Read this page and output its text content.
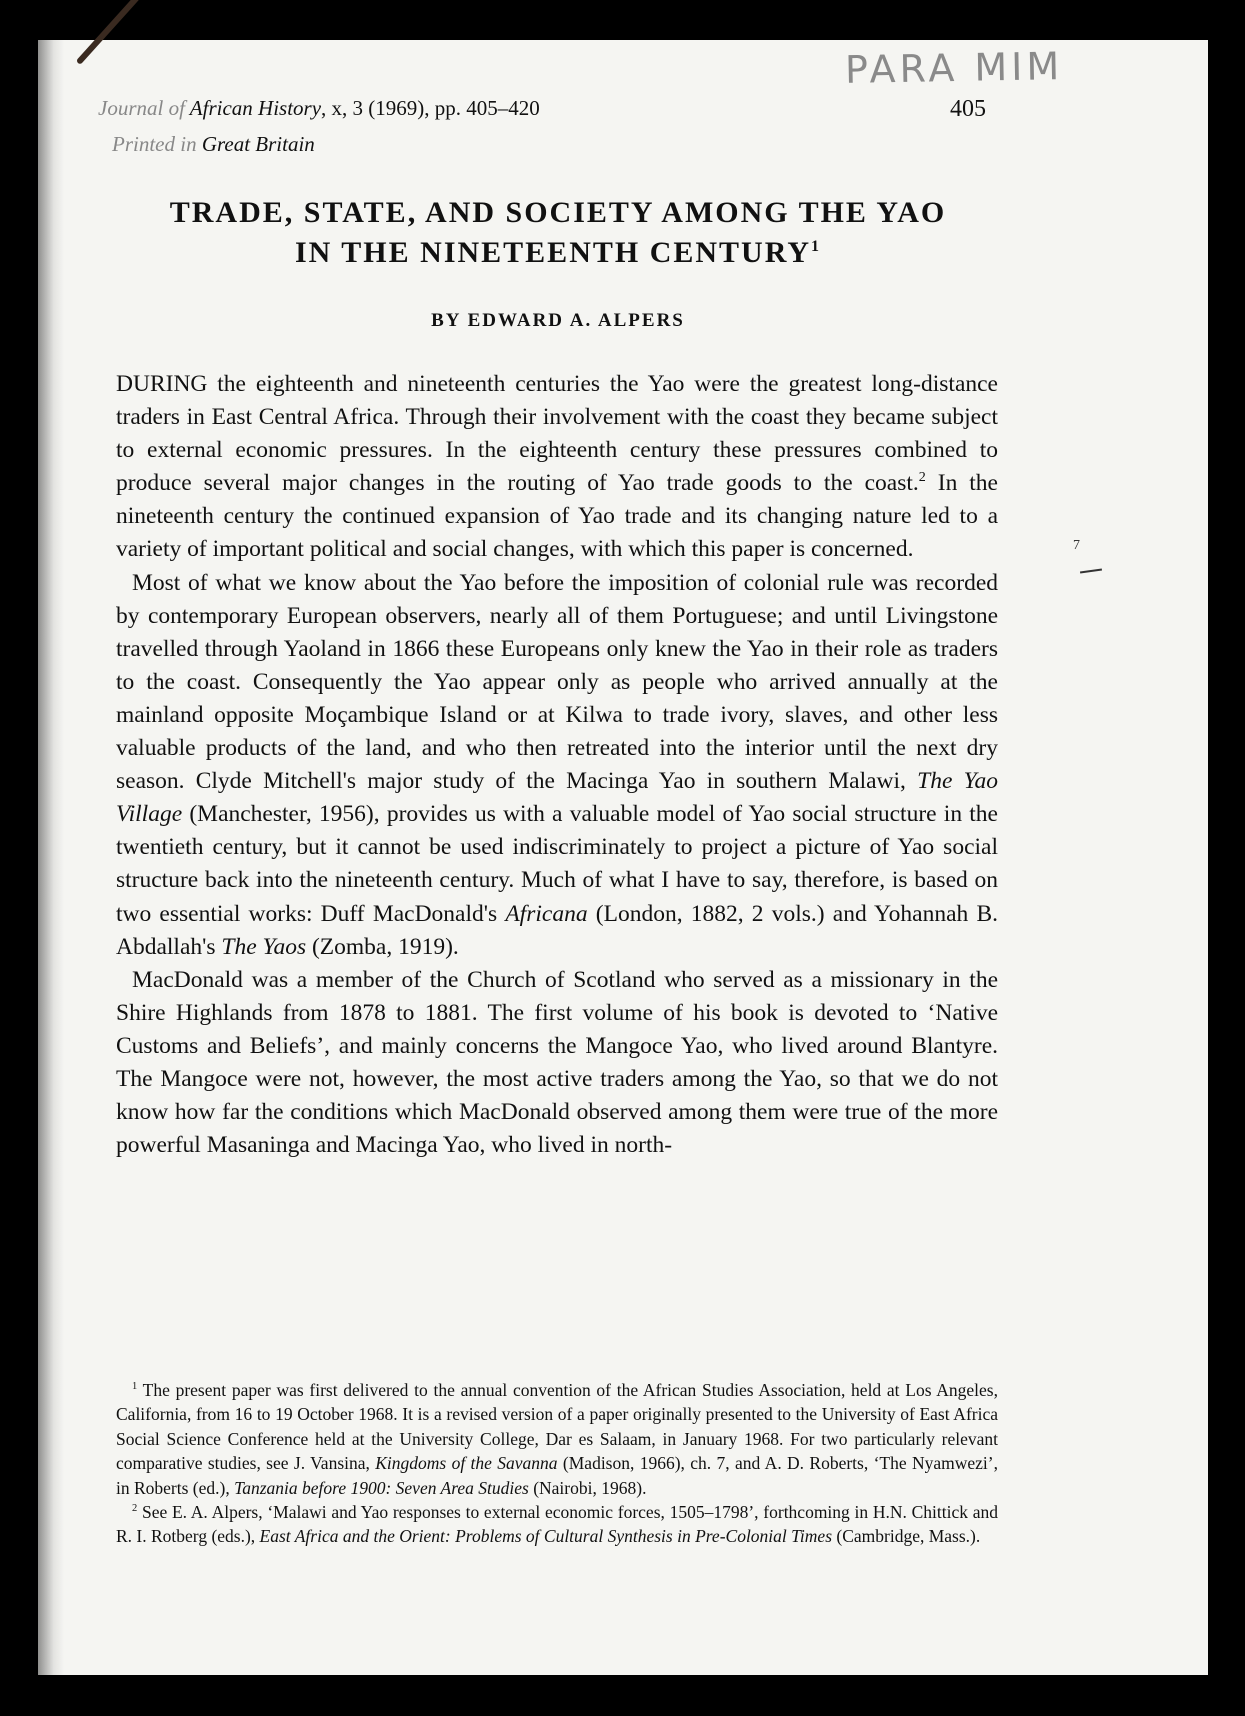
PARA MIM
Journal of African History, x, 3 (1969), pp. 405–420
Printed in Great Britain
405
TRADE, STATE, AND SOCIETY AMONG THE YAO
IN THE NINETEENTH CENTURY$^1$
BY EDWARD A. ALPERS

DURING the eighteenth and nineteenth centuries the Yao were the greatest long-distance traders in East Central Africa. Through their involvement with the coast they became subject to external economic pressures. In the eighteenth century these pressures combined to produce several major changes in the routing of Yao trade goods to the coast.$^2$ In the nineteenth century the continued expansion of Yao trade and its changing nature led to a variety of important political and social changes, with which this paper is concerned.

Most of what we know about the Yao before the imposition of colonial rule was recorded by contemporary European observers, nearly all of them Portuguese; and until Livingstone travelled through Yaoland in 1866 these Europeans only knew the Yao in their role as traders to the coast. Consequently the Yao appear only as people who arrived annually at the mainland opposite Moçambique Island or at Kilwa to trade ivory, slaves, and other less valuable products of the land, and who then retreated into the interior until the next dry season. Clyde Mitchell's major study of the Macinga Yao in southern Malawi, The Yao Village (Manchester, 1956), provides us with a valuable model of Yao social structure in the twentieth century, but it cannot be used indiscriminately to project a picture of Yao social structure back into the nineteenth century. Much of what I have to say, therefore, is based on two essential works: Duff MacDonald's Africana (London, 1882, 2 vols.) and Yohannah B. Abdallah's The Yaos (Zomba, 1919).

MacDonald was a member of the Church of Scotland who served as a missionary in the Shire Highlands from 1878 to 1881. The first volume of his book is devoted to ‘Native Customs and Beliefs’, and mainly concerns the Mangoce Yao, who lived around Blantyre. The Mangoce were not, however, the most active traders among the Yao, so that we do not know how far the conditions which MacDonald observed among them were true of the more powerful Masaninga and Macinga Yao, who lived in north-

$^1$ The present paper was first delivered to the annual convention of the African Studies Association, held at Los Angeles, California, from 16 to 19 October 1968. It is a revised version of a paper originally presented to the University of East Africa Social Science Conference held at the University College, Dar es Salaam, in January 1968. For two particularly relevant comparative studies, see J. Vansina, Kingdoms of the Savanna (Madison, 1966), ch. 7, and A. D. Roberts, ‘The Nyamwezi’, in Roberts (ed.), Tanzania before 1900: Seven Area Studies (Nairobi, 1968).

$^2$ See E. A. Alpers, ‘Malawi and Yao responses to external economic forces, 1505–1798’, forthcoming in H.N. Chittick and R. I. Rotberg (eds.), East Africa and the Orient: Problems of Cultural Synthesis in Pre-Colonial Times (Cambridge, Mass.).

7
